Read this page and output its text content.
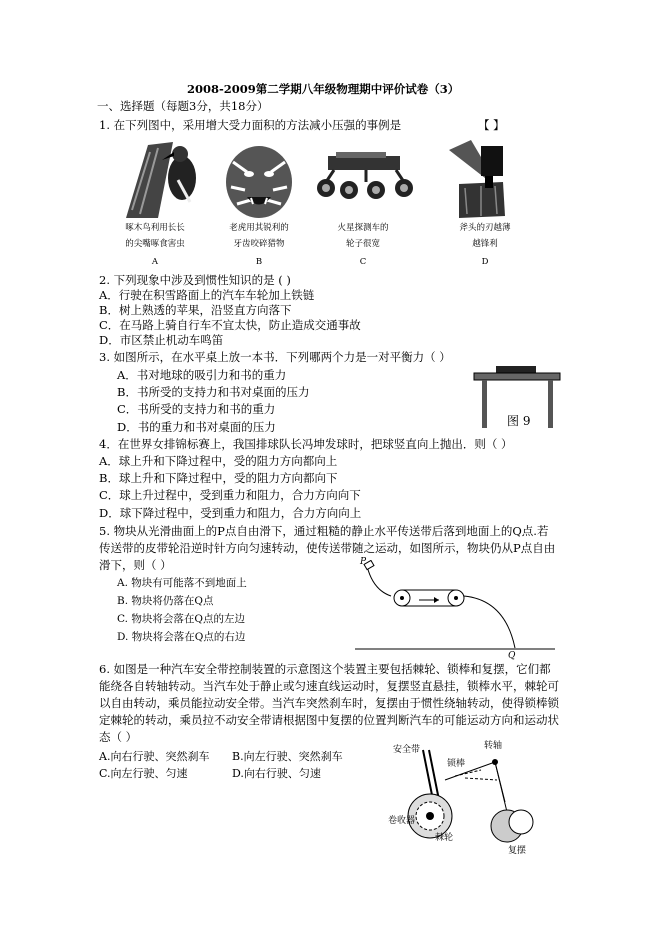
2008-2009第二学期八年级物理期中评价试卷（3）
一、选择题（每题3分，共18分）
1. 在下列图中，采用增大受力面积的方法减小压强的事例是	【 】
啄木鸟利用长长
的尖嘴啄食害虫
A
老虎用其锐利的
牙齿咬碎猎物
B
火星探测车的
轮子很宽
C
斧头的刃越薄
越锋利
D
2. 下列现象中涉及到惯性知识的是 ( )
A．行驶在积雪路面上的汽车车轮加上铁链
B．树上熟透的苹果，沿竖直方向落下
C．在马路上骑自行车不宜太快，防止造成交通事故
D．市区禁止机动车鸣笛
3. 如图所示，在水平桌上放一本书．下列哪两个力是一对平衡力（ ）
A．书对地球的吸引力和书的重力
B．书所受的支持力和书对桌面的压力
C．书所受的支持力和书的重力
D．书的重力和书对桌面的压力	图 9
4．在世界女排锦标赛上，我国排球队长冯坤发球时，把球竖直向上抛出．则（ ）
A．球上升和下降过程中，受的阻力方向都向上
B．球上升和下降过程中，受的阻力方向都向下
C．球上升过程中，受到重力和阻力，合力方向向下
D．球下降过程中，受到重力和阻力，合力方向向上
5. 物块从光滑曲面上的P点自由滑下，通过粗糙的静止水平传送带后落到地面上的Q点.若
传送带的皮带轮沿逆时针方向匀速转动，使传送带随之运动，如图所示，物块仍从P点自由
滑下，则（ ）
A. 物块有可能落不到地面上
B. 物块将仍落在Q点
C. 物块将会落在Q点的左边
D. 物块将会落在Q点的右边
P
Q
6. 如图是一种汽车安全带控制装置的示意图这个装置主要包括棘轮、锁棒和复摆，它们都
能绕各自转轴转动。当汽车处于静止或匀速直线运动时，复摆竖直悬挂，锁棒水平，棘轮可
以自由转动，乘员能拉动安全带。当汽车突然刹车时，复摆由于惯性绕轴转动，使得锁棒锁
定棘轮的转动，乘员拉不动安全带请根据图中复摆的位置判断汽车的可能运动方向和运动状
态（ ）
A.向右行驶、突然刹车 B.向左行驶、突然刹车
C.向左行驶、匀速	D.向右行驶、匀速
安全带	转轴
锁棒
卷收器
棘轮
复摆
